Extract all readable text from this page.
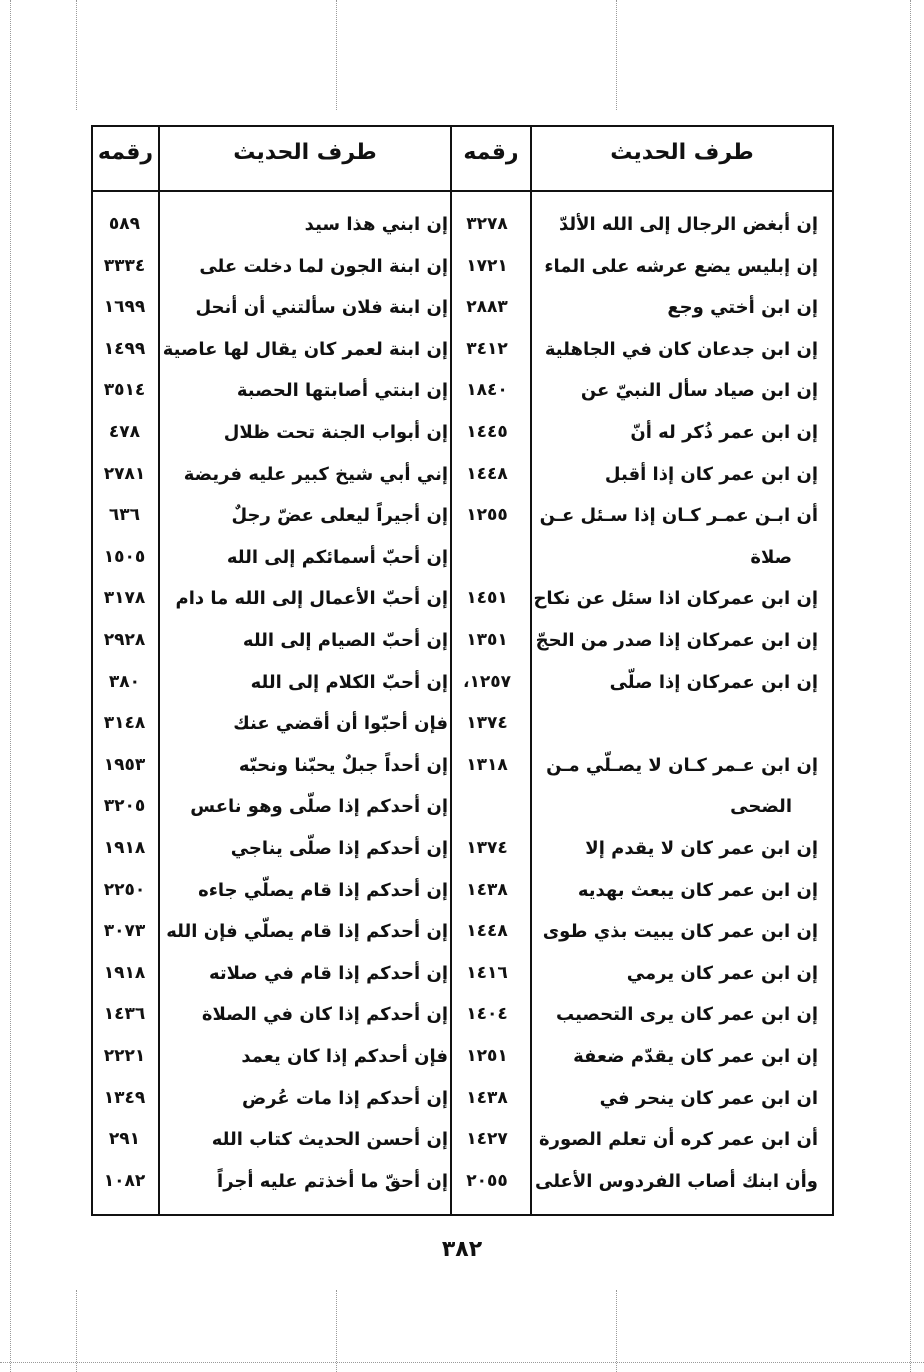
طرف الحديث
رقمه
طرف الحديث
رقمه
إن أبغض الرجال إلى الله الألدّ
٣٢٧٨
إن ابني هذا سيد
٥٨٩
إن إبليس يضع عرشه على الماء
١٧٢١
إن ابنة الجون لما دخلت على
٣٣٣٤
إن ابن أختي وجع
٢٨٨٣
إن ابنة فلان سألتني أن أنحل
١٦٩٩
إن ابن جدعان كان في الجاهلية
٣٤١٢
إن ابنة لعمر كان يقال لها عاصية
١٤٩٩
إن ابن صياد سأل النبيّ عن
١٨٤٠
إن ابنتي أصابتها الحصبة
٣٥١٤
إن ابن عمر ذُكر له أنّ
١٤٤٥
إن أبواب الجنة تحت ظلال
٤٧٨
إن ابن عمر كان إذا أقبل
١٤٤٨
إني أبي شيخ كبير عليه فريضة
٢٧٨١
أن ابـن عمـر كـان إذا سـئل عـن
١٢٥٥
إن أجيراً ليعلى عضّ رجلٌ
٦٣٦
صلاة
إن أحبّ أسمائكم إلى الله
١٥٠٥
إن ابن عمركان اذا سئل عن نكاح
١٤٥١
إن أحبّ الأعمال إلى الله ما دام
٣١٧٨
إن ابن عمركان إذا صدر من الحجّ
١٣٥١
إن أحبّ الصيام إلى الله
٢٩٢٨
إن ابن عمركان إذا صلّى
١٢٥٧،
إن أحبّ الكلام إلى الله
٣٨٠
١٣٧٤
فإن أحبّوا أن أقضي عنك
٣١٤٨
إن ابن عـمر كـان لا يصـلّي مـن
١٣١٨
إن أحداً جبلٌ يحبّنا ونحبّه
١٩٥٣
الضحى
إن أحدكم إذا صلّى وهو ناعس
٣٢٠٥
إن ابن عمر كان لا يقدم إلا
١٣٧٤
إن أحدكم إذا صلّى يناجي
١٩١٨
إن ابن عمر كان يبعث بهديه
١٤٣٨
إن أحدكم إذا قام يصلّي جاءه
٢٢٥٠
إن ابن عمر كان يبيت بذي طوى
١٤٤٨
إن أحدكم إذا قام يصلّي فإن الله
٣٠٧٣
إن ابن عمر كان يرمي
١٤١٦
إن أحدكم إذا قام في صلاته
١٩١٨
إن ابن عمر كان يرى التحصيب
١٤٠٤
إن أحدكم إذا كان في الصلاة
١٤٣٦
إن ابن عمر كان يقدّم ضعفة
١٢٥١
فإن أحدكم إذا كان يعمد
٢٢٢١
ان ابن عمر كان ينحر في
١٤٣٨
إن أحدكم إذا مات عُرض
١٣٤٩
أن ابن عمر كره أن تعلم الصورة
١٤٢٧
إن أحسن الحديث كتاب الله
٢٩١
وأن ابنك أصاب الفردوس الأعلى
٢٠٥٥
إن أحقّ ما أخذتم عليه أجراً
١٠٨٢
٣٨٢
